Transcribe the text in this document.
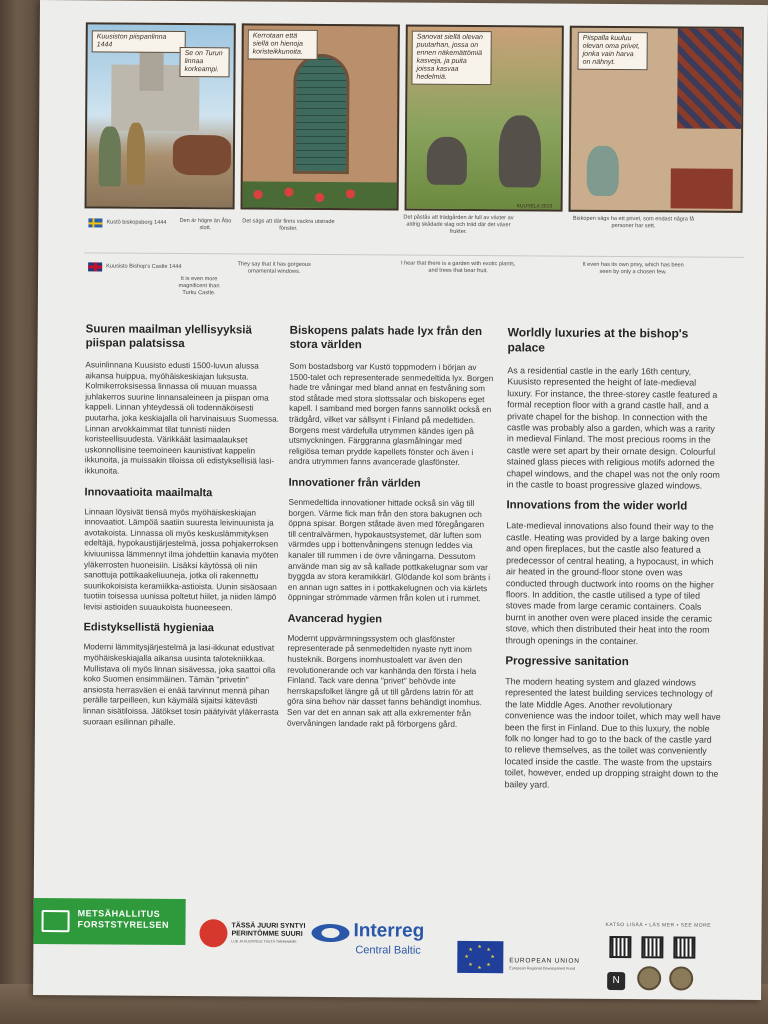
Kuusiston piispanlinna 1444
Se on Turun linnaa korkeampi.
Kerrotaan että siellä on hienoja koristeikkunoita.
Sanovat siellä olevan puutarhan, jossa on ennen näkemättömiä kasveja, ja puita joissa kasvaa hedelmiä.
KUUSELA 2013
Piispalla kuuluu olevan oma privet, jonka vain harva on nähnyt.
Kustö biskopsborg 1444 Den är högre än Åbo slott.
Det sägs att där finns vackra utsirade fönster.
Det påstås att trädgården är full av växter av aldrig skådade slag och träd där det växer frukter.
Biskopen sägs ha ett privet, som endast några få personer har sett.
Kuusisto Bishop's Castle 1444
It is even more magnificent than Turku Castle.
They say that it has gorgeous ornamental windows.
I hear that there is a garden with exotic plants, and trees that bear fruit.
It even has its own privy, which has been seen by only a chosen few.
Suuren maailman ylellisyyksiä piispan palatsissa

Asuinlinnana Kuusisto edusti 1500-luvun alussa aikansa huippua, myöhäiskeskiajan luksusta. Kolmikerroksisessa linnassa oli muuan muassa juhlakerros suurine linnansaleineen ja piispan oma kappeli. Linnan yhteydessä oli todennäköisesti puutarha, joka keskiajalla oli harvinaisuus Suomessa. Linnan arvokkaimmat tilat tunnisti niiden koristeellisuudesta. Värikkäät lasimaalaukset uskonnollisine teemoineen kaunistivat kappelin ikkunoita, ja muissakin tiloissa oli edistyksellisiä lasi-ikkunoita.

Innovaatioita maailmalta

Linnaan löysivät tiensä myös myöhäiskeskiajan innovaatiot. Lämpöä saatiin suuresta leivinuunista ja avotakoista. Linnassa oli myös keskuslämmityksen edeltäjä, hypokaustijärjestelmä, jossa pohjakerroksen kiviuunissa lämmennyt ilma johdettiin kanavia myöten yläkerrosten huoneisiin. Lisäksi käytössä oli niin sanottuja pottikaakeliuuneja, jotka oli rakennettu suurikokoisista keramiikka-astioista. Uunin sisäosaan tuotiin toisessa uunissa poltetut hiilet, ja niiden lämpö levisi astioiden suuaukoista huoneeseen.

Edistyksellistä hygieniaa

Moderni lämmitysjärjestelmä ja lasi-ikkunat edustivat myöhäiskeskiajalla aikansa uusinta talotekniikkaa. Mullistava oli myös linnan sisävessa, joka saattoi olla koko Suomen ensimmäinen. Tämän "privetin" ansiosta herrasväen ei enää tarvinnut mennä pihan perälle tarpeilleen, kun käymälä sijaitsi kätevästi linnan sisätiloissa. Jätökset tosin päätyivät yläkerrasta suoraan esilinnan pihalle.

Biskopens palats hade lyx från den stora världen

Som bostadsborg var Kustö toppmodern i början av 1500-talet och representerade senmedeltida lyx. Borgen hade tre våningar med bland annat en festvåning som stod ståtade med stora slottssalar och biskopens eget kapell. I samband med borgen fanns sannolikt också en trädgård, vilket var sällsynt i Finland på medeltiden. Borgens mest värdefulla utrymmen kändes igen på utsmyckningen. Färggranna glasmålningar med religiösa teman prydde kapellets fönster och även i andra utrymmen fanns avancerade glasfönster.

Innovationer från världen

Senmedeltida innovationer hittade också sin väg till borgen. Värme fick man från den stora bakugnen och öppna spisar. Borgen ståtade även med föregångaren till centralvärmen, hypokaustsystemet, där luften som värmdes upp i bottenvåningens stenugn leddes via kanaler till rummen i de övre våningarna. Dessutom använde man sig av så kallade pottkakelugnar som var byggda av stora keramikkärl. Glödande kol som bränts i en annan ugn sattes in i pottkakelugnen och via kärlets öppningar strömmade värmen från kolen ut i rummet.

Avancerad hygien

Modernt uppvärmningssystem och glasfönster representerade på senmedeltiden nyaste nytt inom husteknik. Borgens inomhustoalett var även den revolutionerande och var kanhända den första i hela Finland. Tack vare denna "privet" behövde inte herrskapsfolket längre gå ut till gårdens latrin för att göra sina behov när dasset fanns behändigt inomhus. Sen var det en annan sak att alla exkrementer från övervåningen landade rakt på förborgens gård.

Worldly luxuries at the bishop's palace

As a residential castle in the early 16th century, Kuusisto represented the height of late-medieval luxury. For instance, the three-storey castle featured a formal reception floor with a grand castle hall, and a private chapel for the bishop. In connection with the castle was probably also a garden, which was a rarity in medieval Finland. The most precious rooms in the castle were set apart by their ornate design. Colourful stained glass pieces with religious motifs adorned the chapel windows, and the chapel was not the only room in the castle to boast progressive glazed windows.

Innovations from the wider world

Late-medieval innovations also found their way to the castle. Heating was provided by a large baking oven and open fireplaces, but the castle also featured a predecessor of central heating, a hypocaust, in which air heated in the ground-floor stone oven was conducted through ductwork into rooms on the higher floors. In addition, the castle utilised a type of tiled stoves made from large ceramic containers. Coals burnt in another oven were placed inside the ceramic stove, which then distributed their heat into the room through openings in the container.

Progressive sanitation

The modern heating system and glazed windows represented the latest building services technology of the late Middle Ages. Another revolutionary convenience was the indoor toilet, which may well have been the first in Finland. Due to this luxury, the noble folk no longer had to go to the back of the castle yard to relieve themselves, as the toilet was conveniently located inside the castle. The waste from the upstairs toilet, however, ended up dropping straight down to the bailey yard.

METSÄHALLITUS FORSTSTYRELSEN	TÄSSÄ JUURI SYNTYI PERINTÖMME SUURI
LUE JA KUUNTELE TÄSTÄ TARINAMME	Interreg
Central Baltic	★
★
★
★
★
★
★
★
EUROPEAN UNION
European Regional Development Fund
KATSO LISÄÄ • LÄS MER • SEE MORE
N
